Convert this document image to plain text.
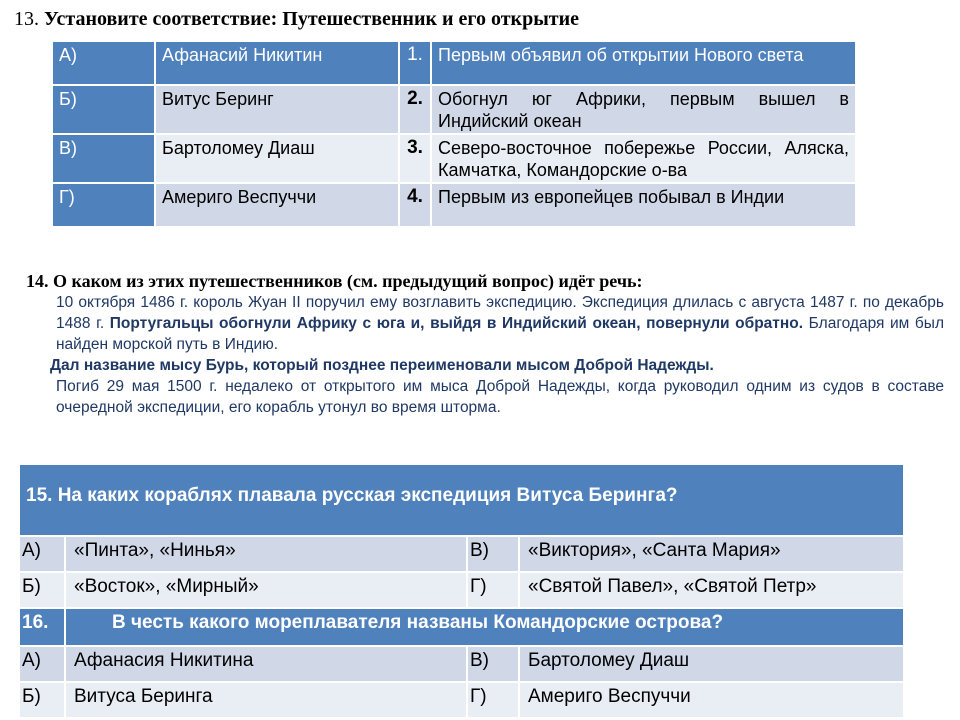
13. Установите соответствие: Путешественник и его открытие
А)	Афанасий Никитин	1.	Первым объявил об открытии Нового света
Б)	Витус Беринг	2.	Обогнул юг Африки, первым вышел в Индийский океан
В)	Бартоломеу Диаш	3.	Северо-восточное побережье России, Аляска, Камчатка, Командорские о-ва
Г)	Америго Веспуччи	4.	Первым из европейцев побывал в Индии
14. О каком из этих путешественников (см. предыдущий вопрос) идёт речь:

10 октября 1486 г. король Жуан II поручил ему возглавить экспедицию. Экспедиция длилась с августа 1487 г. по декабрь 1488 г. Португальцы обогнули Африку с юга и, выйдя в Индийский океан, повернули обратно. Благодаря им был найден морской путь в Индию.

Дал название мысу Бурь, который позднее переименовали мысом Доброй Надежды.

Погиб 29 мая 1500 г. недалеко от открытого им мыса Доброй Надежды, когда руководил одним из судов в составе очередной экспедиции, его корабль утонул во время шторма.

15. На каких кораблях плавала русская экспедиция Витуса Беринга?			
А)	«Пинта», «Нинья»	В)	«Виктория», «Санта Мария»
Б)	«Восток», «Мирный»	Г)	«Святой Павел», «Святой Петр»
16.	В честь какого мореплавателя названы Командорские острова?		
А)	Афанасия Никитина	В)	Бартоломеу Диаш
Б)	Витуса Беринга	Г)	Америго Веспуччи
